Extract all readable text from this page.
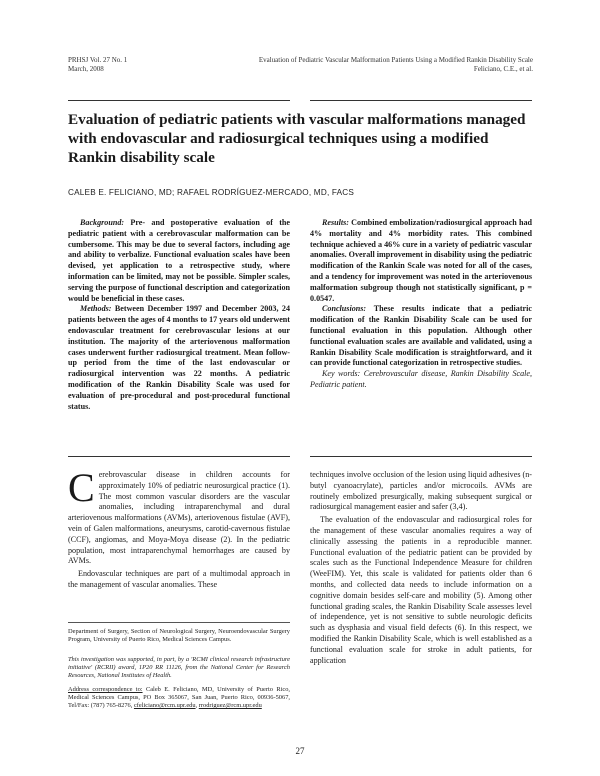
PRHSJ Vol. 27 No. 1
March, 2008
Evaluation of Pediatric Vascular Malformation Patients Using a Modified Rankin Disability Scale
Feliciano, C.E., et al.
Evaluation of pediatric patients with vascular malformations managed with endovascular and radiosurgical techniques using a modified Rankin disability scale
CALEB E. FELICIANO, MD; RAFAEL RODRÍGUEZ-MERCADO, MD, FACS

Background: Pre- and postoperative evaluation of the pediatric patient with a cerebrovascular malformation can be cumbersome. This may be due to several factors, including age and ability to verbalize. Functional evaluation scales have been devised, yet application to a retrospective study, where information can be limited, may not be possible. Simpler scales, serving the purpose of functional description and categorization would be beneficial in these cases.

Methods: Between December 1997 and December 2003, 24 patients between the ages of 4 months to 17 years old underwent endovascular treatment for cerebrovascular lesions at our institution. The majority of the arteriovenous malformation cases underwent further radiosurgical treatment. Mean follow-up period from the time of the last endovascular or radiosurgical intervention was 22 months. A pediatric modification of the Rankin Disability Scale was used for evaluation of pre-procedural and post-procedural functional status.

Results: Combined embolization/radiosurgical approach had 4% mortality and 4% morbidity rates. This combined technique achieved a 46% cure in a variety of pediatric vascular anomalies. Overall improvement in disability using the pediatric modification of the Rankin Scale was noted for all of the cases, and a tendency for improvement was noted in the arteriovenous malformation subgroup though not statistically significant, p = 0.0547.

Conclusions: These results indicate that a pediatric modification of the Rankin Disability Scale can be used for functional evaluation in this population. Although other functional evaluation scales are available and validated, using a Rankin Disability Scale modification is straightforward, and it can provide functional categorization in retrospective studies.

Key words: Cerebrovascular disease, Rankin Disability Scale, Pediatric patient.

Cerebrovascular disease in children accounts for approximately 10% of pediatric neurosurgical practice (1). The most common vascular disorders are the vascular anomalies, including intraparenchymal and dural arteriovenous malformations (AVMs), arteriovenous fistulae (AVF), vein of Galen malformations, aneurysms, carotid-cavernous fistulae (CCF), angiomas, and Moya-Moya disease (2). In the pediatric population, most intraparenchymal hemorrhages are caused by AVMs.

Endovascular techniques are part of a multimodal approach in the management of vascular anomalies. These

techniques involve occlusion of the lesion using liquid adhesives (n-butyl cyanoacrylate), particles and/or microcoils. AVMs are routinely embolized presurgically, making subsequent surgical or radiosurgical management easier and safer (3,4).

The evaluation of the endovascular and radiosurgical roles for the management of these vascular anomalies requires a way of clinically assessing the patients in a reproducible manner. Functional evaluation of the pediatric patient can be provided by scales such as the Functional Independence Measure for children (WeeFIM). Yet, this scale is validated for patients older than 6 months, and collected data needs to include information on a cognitive domain besides self-care and mobility (5). Among other functional grading scales, the Rankin Disability Scale assesses level of independence, yet is not sensitive to subtle neurologic deficits such as dysphasia and visual field defects (6). In this respect, we modified the Rankin Disability Scale, which is well established as a functional evaluation scale for stroke in adult patients, for application

Department of Surgery, Section of Neurological Surgery, Neuroendovascular Surgery Program, University of Puerto Rico, Medical Sciences Campus.
This investigation was supported, in part, by a 'RCMI clinical research infrastructure initiative' (RCRII) award, 1P20 RR 11126, from the National Center for Research Resources, National Institutes of Health.
Address correspondence to: Caleb E. Feliciano, MD, University of Puerto Rico, Medical Sciences Campus, PO Box 365067, San Juan, Puerto Rico, 00936-5067, Tel/Fax: (787) 765-8276, cfeliciano@rcm.upr.edu, rrodriguez@rcm.upr.edu
27
